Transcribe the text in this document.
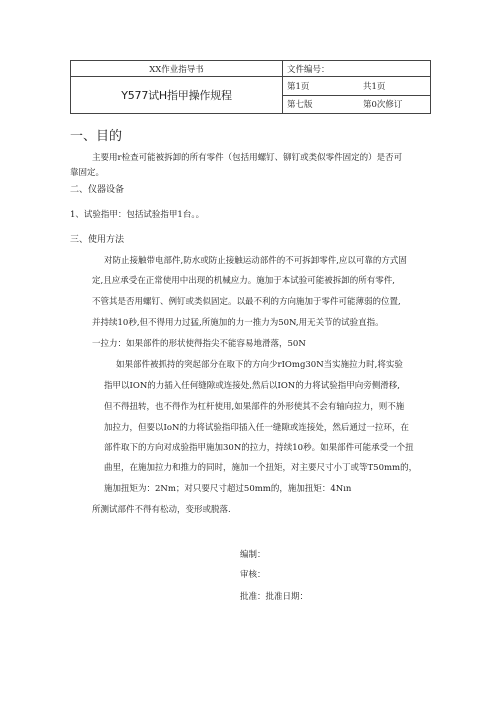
XX作业指导书	文件编号：
Y577试H指甲操作规程	第1页 共1页

	第七版 第0次修订
一、目的
主要用r检查可能被拆卸的所有零件（包括用螺钉、铆钉或类似零件固定的）是否可
靠固定。
二、仪器设备
1、试验指甲：包括试验指甲1台。。
三、使用方法
对防止接触带电部件,防水或防止接触运动部件的不可拆卸零件,应以可靠的方式固
定,且应承受在正常使用中出现的机械应力。施加于本试验可能被拆卸的所有零件,
不管其是否用螺钉、例钉或类似固定。以最不利的方向施加于零件可能薄弱的位置,
并持续10秒,但不得用力过猛,所施加的力一推力为50N,用无关节的试验直指。
一拉力：如果部件的形状使得指尖不能容易地滑落，50N
如果部件被抓持的突起部分在取下的方向少rIOmg30N当实施拉力时,将实验
指甲以ION的力插入任何缝隙或连接处,然后以ION的力将试验指甲向旁侧滑移,
但不得扭转，也不得作为杠杆使用,如果部件的外形使其不会有轴向拉力，则不施
加拉力，但要以IoN的力将试验指印插入任一缝隙或连接处，然后通过一拉环，在
部件取下的方向对成验指甲施加30N的拉力，持续10秒。如果部件可能承受一个扭
曲里，在施加拉力和推力的同时，施加一个扭矩，对主要尺寸小丁或等T50mm的，
施加扭矩为：2Nm；对只要尺寸超过50mm的，施加扭矩：4Nın
所测试部件不得有松动，变形或脱落.
编制：
审核：
批准：批准日期：
